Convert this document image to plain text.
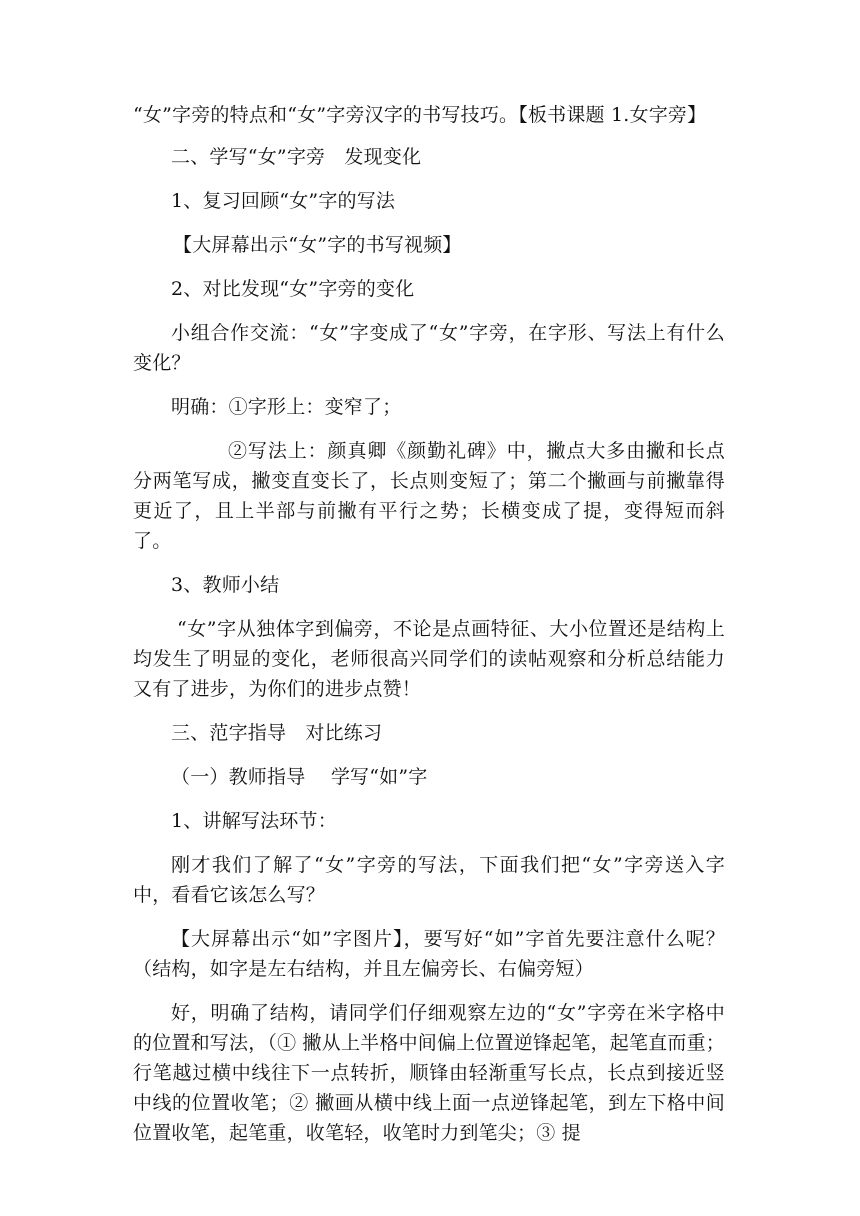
“女”字旁的特点和“女”字旁汉字的书写技巧。【板书课题 1.女字旁】

二、学写“女”字旁　发现变化

1、复习回顾“女”字的写法

【大屏幕出示“女”字的书写视频】

2、对比发现“女”字旁的变化

小组合作交流：“女”字变成了“女”字旁，在字形、写法上有什么变化？

明确：①字形上：变窄了；

②写法上：颜真卿《颜勤礼碑》中，撇点大多由撇和长点分两笔写成，撇变直变长了，长点则变短了；第二个撇画与前撇靠得更近了，且上半部与前撇有平行之势；长横变成了提，变得短而斜了。

3、教师小结

“女”字从独体字到偏旁，不论是点画特征、大小位置还是结构上均发生了明显的变化，老师很高兴同学们的读帖观察和分析总结能力又有了进步，为你们的进步点赞！

三、范字指导　对比练习

（一）教师指导　 学写“如”字

1、讲解写法环节：

刚才我们了解了“女”字旁的写法，下面我们把“女”字旁送入字中，看看它该怎么写？

【大屏幕出示“如”字图片】，要写好“如”字首先要注意什么呢？（结构，如字是左右结构，并且左偏旁长、右偏旁短）

好，明确了结构，请同学们仔细观察左边的“女”字旁在米字格中的位置和写法，（① 撇从上半格中间偏上位置逆锋起笔，起笔直而重；行笔越过横中线往下一点转折，顺锋由轻渐重写长点，长点到接近竖中线的位置收笔；② 撇画从横中线上面一点逆锋起笔，到左下格中间位置收笔，起笔重，收笔轻，收笔时力到笔尖；③ 提
